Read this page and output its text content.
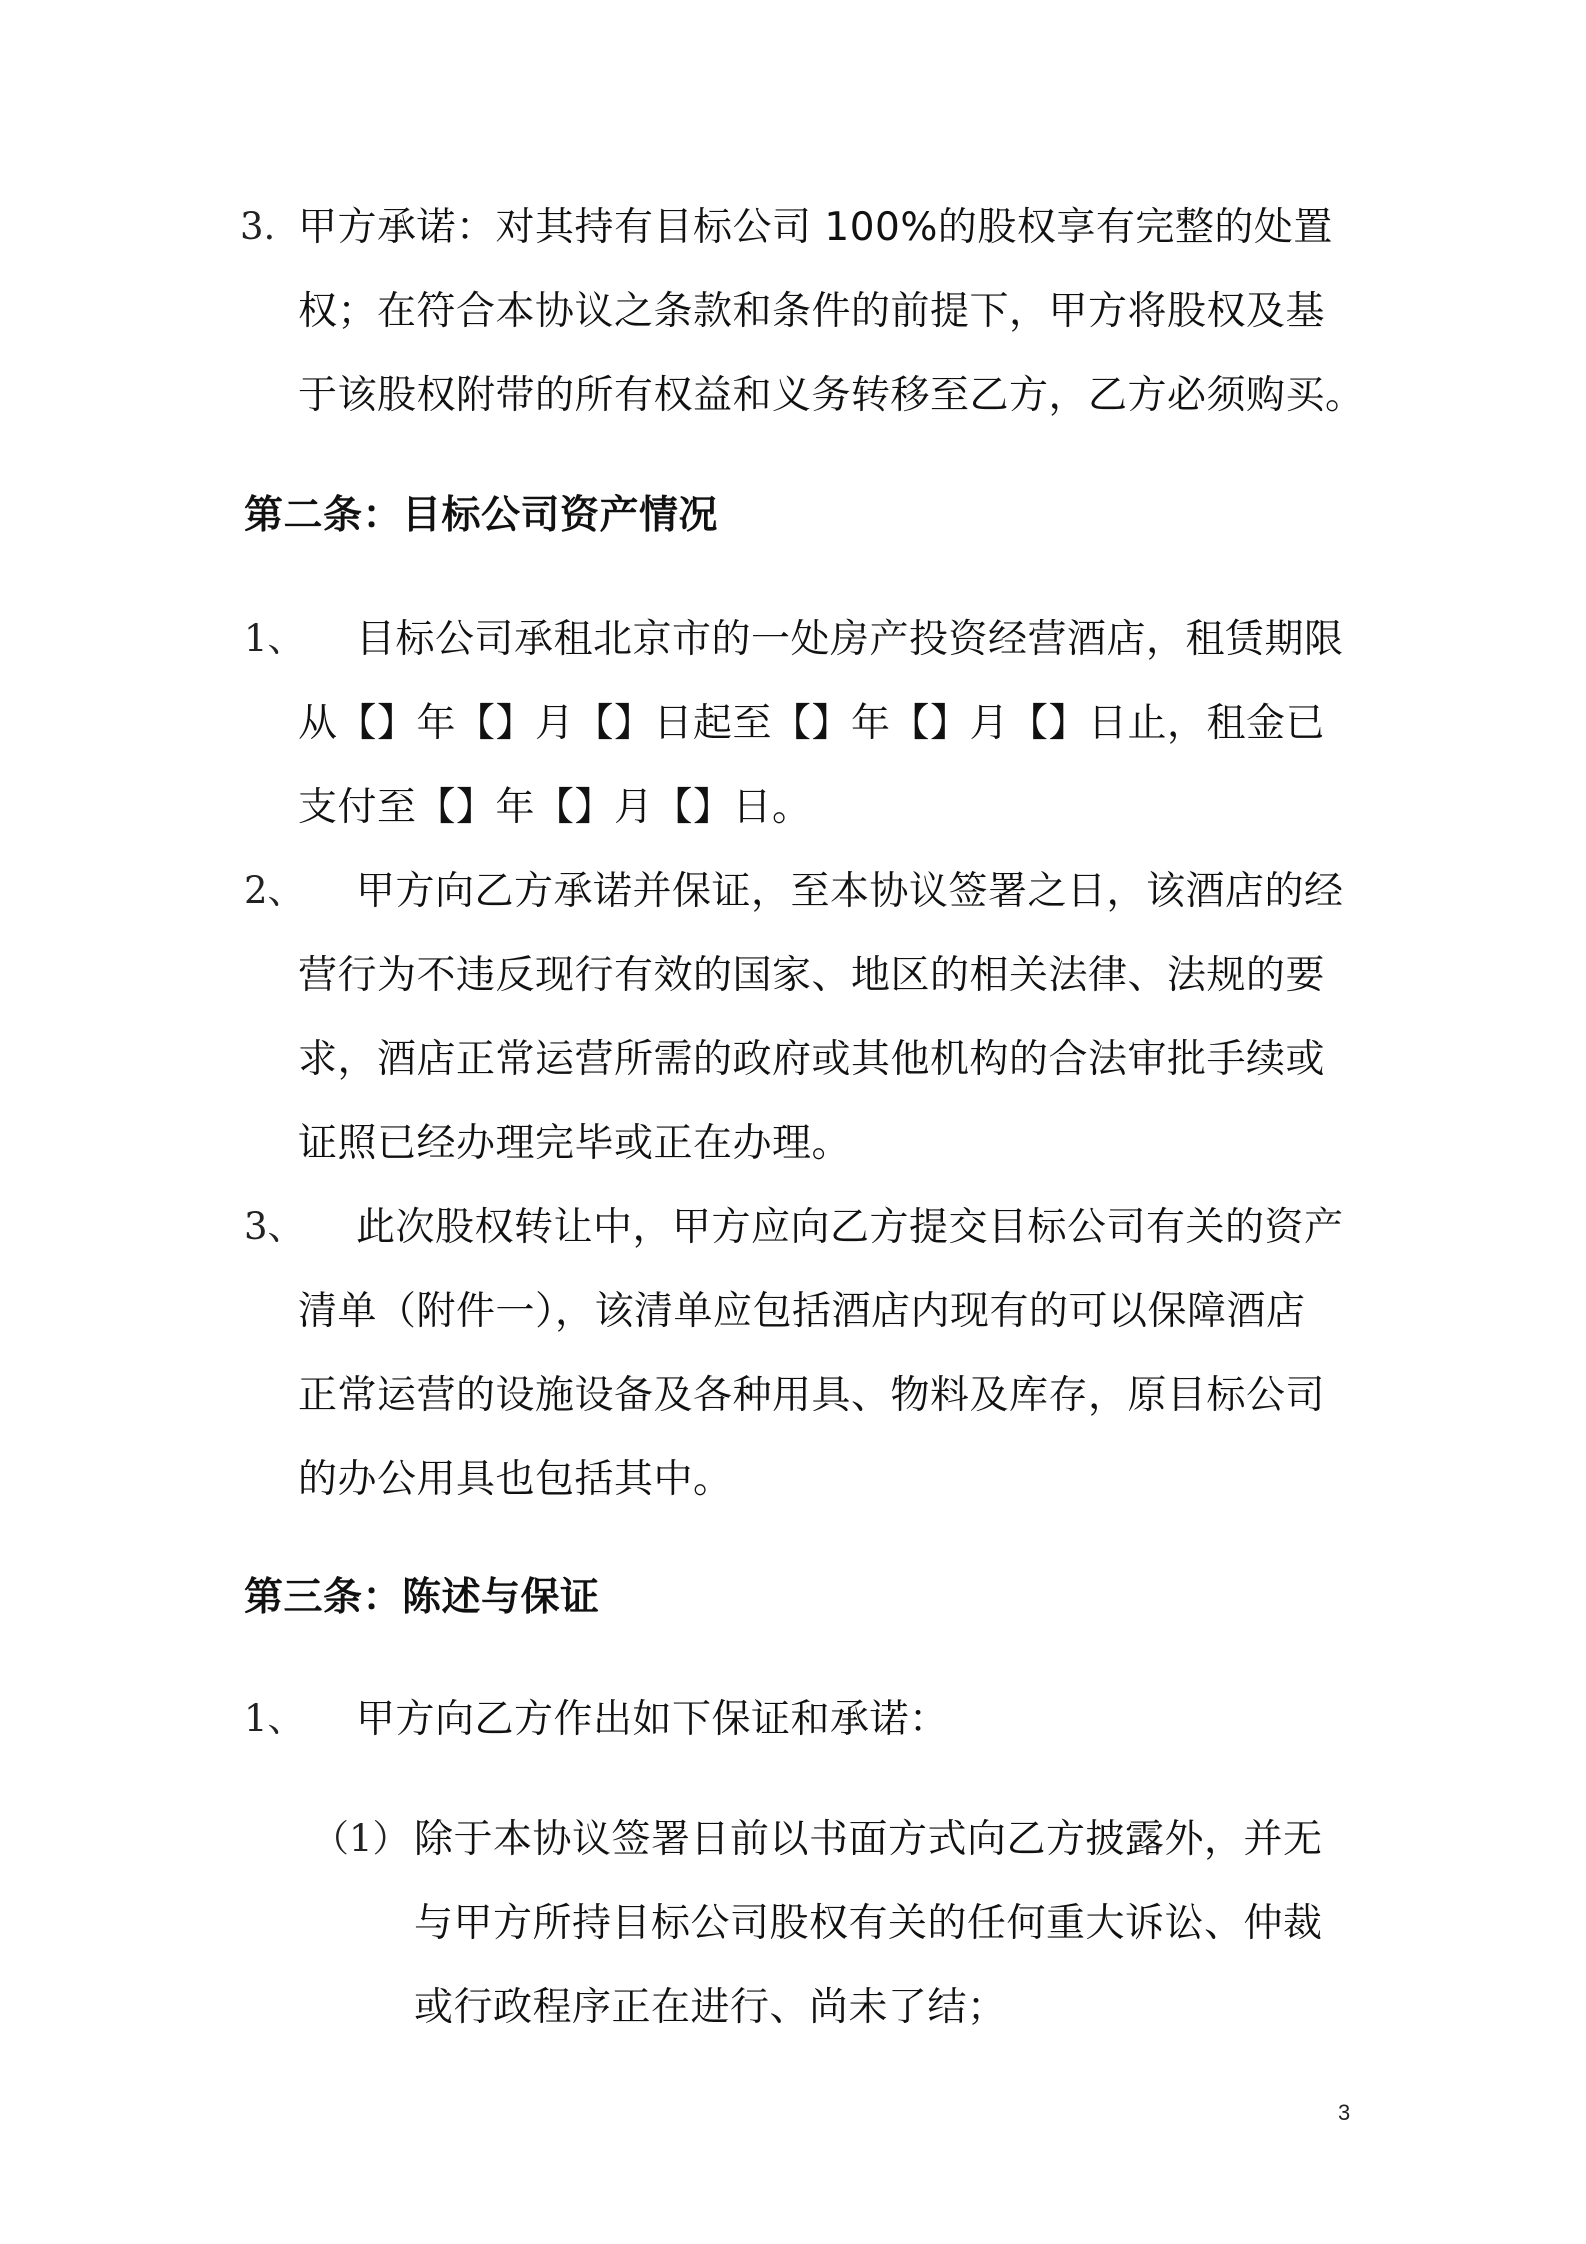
3. 甲方承诺：对其持有目标公司 100%的股权享有完整的处置
权；在符合本协议之条款和条件的前提下，甲方将股权及基
于该股权附带的所有权益和义务转移至乙方，乙方必须购买。
第二条：目标公司资产情况
1、 目标公司承租北京市的一处房产投资经营酒店，租赁期限
从【】年【】月【】日起至【】年【】月【】日止，租金已
支付至【】年【】月【】日。
2、 甲方向乙方承诺并保证，至本协议签署之日，该酒店的经
营行为不违反现行有效的国家、地区的相关法律、法规的要
求，酒店正常运营所需的政府或其他机构的合法审批手续或
证照已经办理完毕或正在办理。
3、 此次股权转让中，甲方应向乙方提交目标公司有关的资产
清单（附件一），该清单应包括酒店内现有的可以保障酒店
正常运营的设施设备及各种用具、物料及库存，原目标公司
的办公用具也包括其中。
第三条：陈述与保证
1、 甲方向乙方作出如下保证和承诺：
（1） 除于本协议签署日前以书面方式向乙方披露外，并无
与甲方所持目标公司股权有关的任何重大诉讼、仲裁
或行政程序正在进行、尚未了结；
3
